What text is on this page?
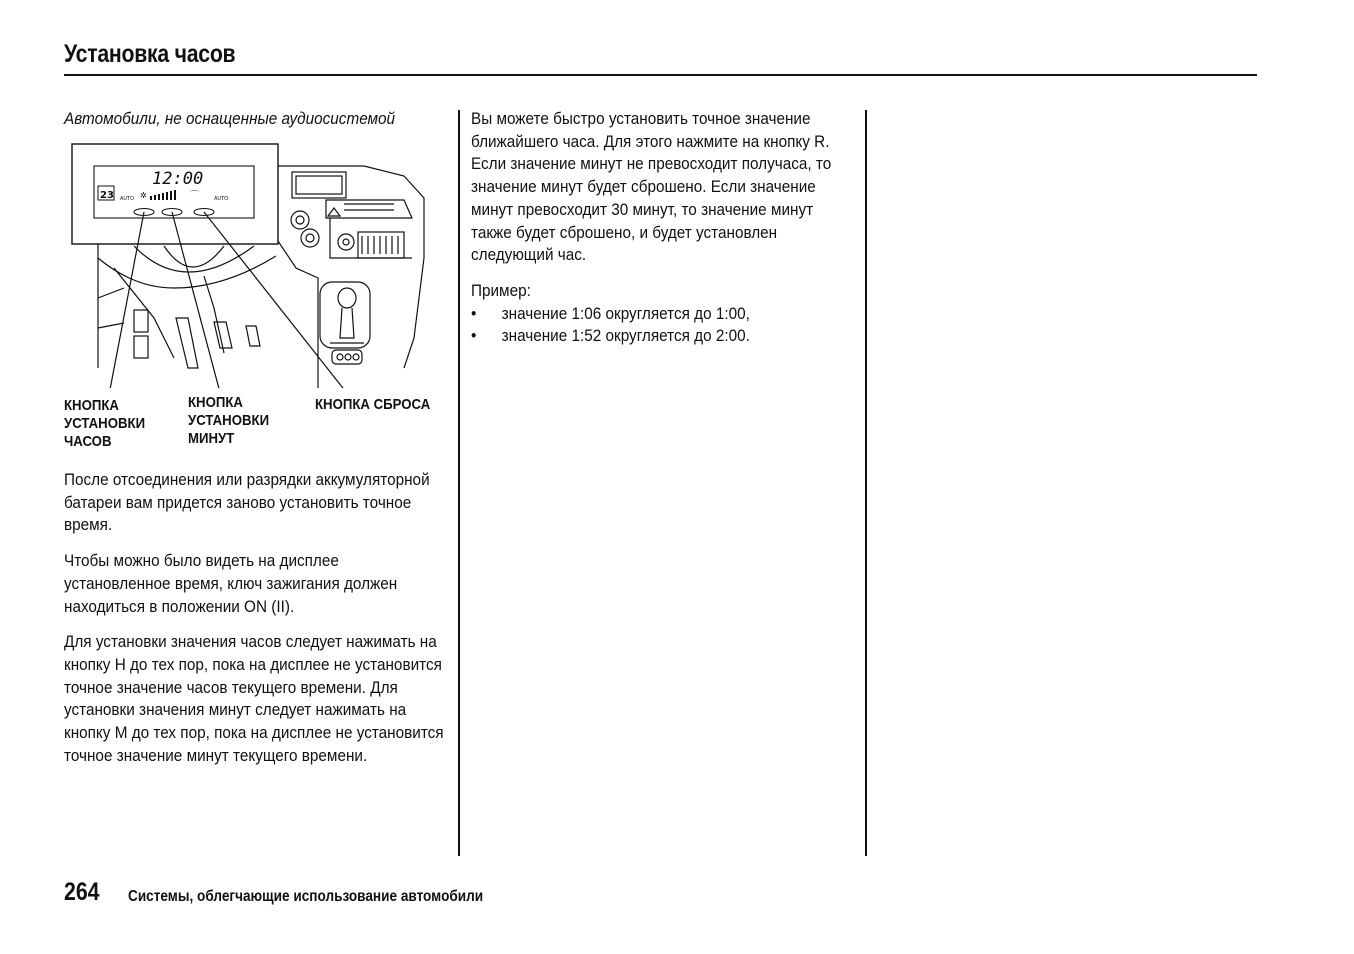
Установка часов
Автомобили, не оснащенные аудиосистемой
12:00
23 AUTO ✲	⌒	AUTO
КНОПКА
УСТАНОВКИ
ЧАСОВ
КНОПКА
УСТАНОВКИ
МИНУТ
КНОПКА СБРОСА

После отсоединения или разрядки аккумуляторной батареи вам придется заново установить точное время.

Чтобы можно было видеть на дисплее установленное время, ключ зажигания должен находиться в положении ON (II).

Для установки значения часов следует нажимать на кнопку H до тех пор, пока на дисплее не установится точное значение часов текущего времени. Для установки значения минут следует нажимать на кнопку M до тех пор, пока на дисплее не установится точное значение минут текущего времени.

Вы можете быстро установить точное значение ближайшего часа. Для этого нажмите на кнопку R. Если значение минут не превосходит получаса, то значение минут будет сброшено. Если значение минут превосходит 30 минут, то значение минут также будет сброшено, и будет установлен следующий час.

Пример:
• значение 1:06 округляется до 1:00,
• значение 1:52 округляется до 2:00.
264 Системы, облегчающие использование автомобили
